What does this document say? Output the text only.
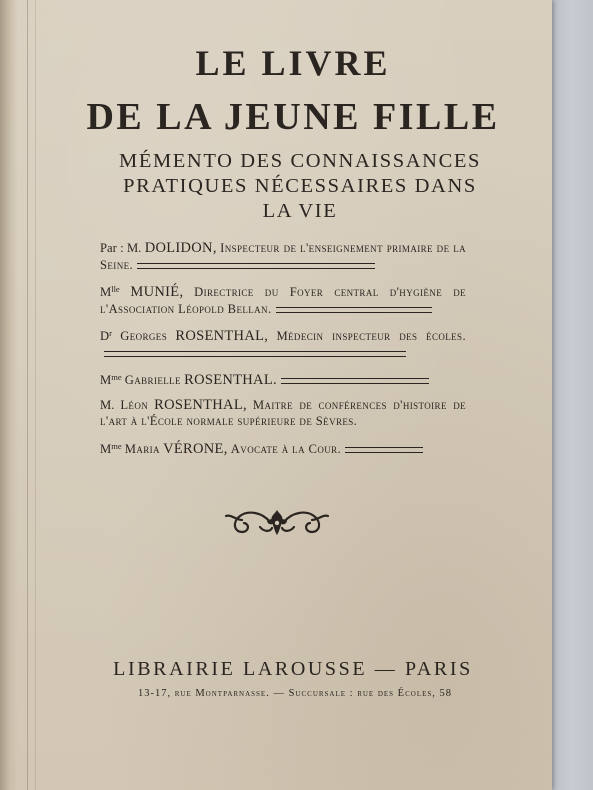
LE LIVRE
DE LA JEUNE FILLE
MÉMENTO DES CONNAISSANCES
PRATIQUES NÉCESSAIRES DANS
LA VIE
Par : M. DOLIDON, Inspecteur de l'enseignement primaire de la Seine.
$M^{lle}$ MUNIÉ, Directrice du Foyer central d'hygiène de l'Association Léopold Bellan.
$D^r$ Georges ROSENTHAL, Médecin inspecteur des écoles.
$M^{me}$ Gabrielle ROSENTHAL.
M. Léon ROSENTHAL, Maitre de conférences d'histoire de l'art à l'École normale supérieure de Sèvres.
$M^{me}$ Maria VÉRONE, Avocate à la Cour.
LIBRAIRIE LAROUSSE — PARIS
13-17, rue Montparnasse. — Succursale : rue des Écoles, 58
